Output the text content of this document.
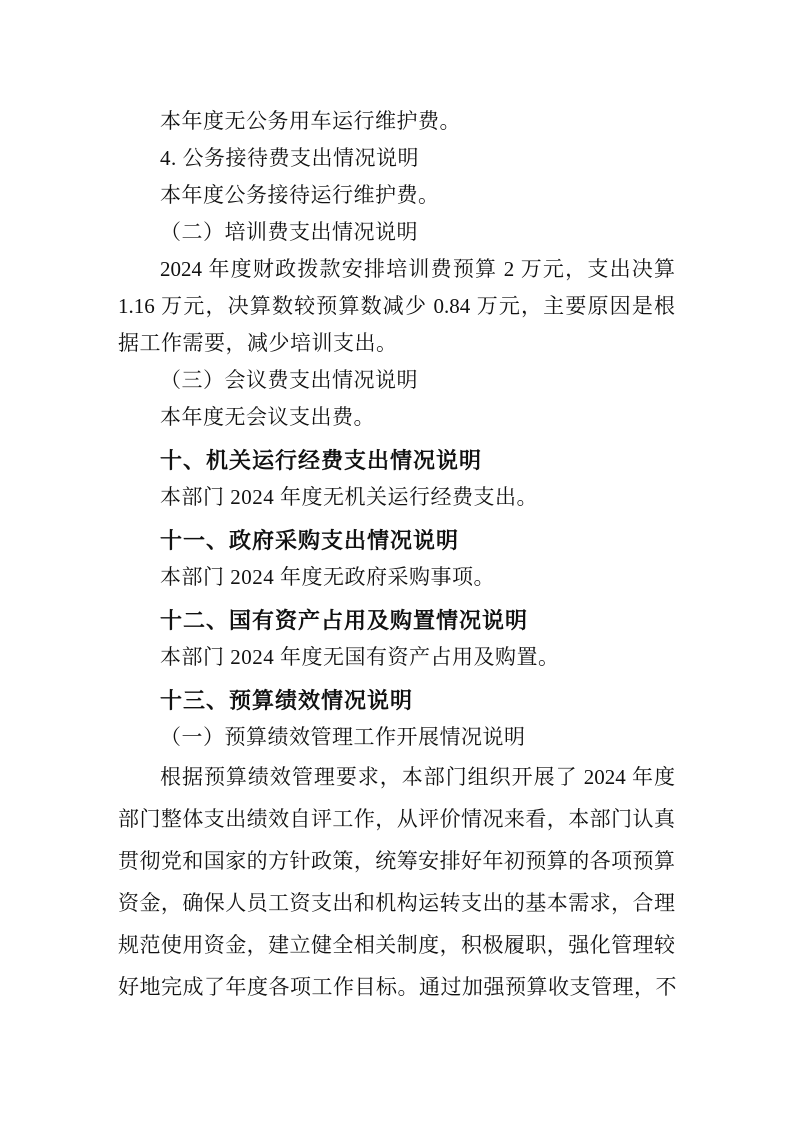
本年度无公务用车运行维护费。
4. 公务接待费支出情况说明
本年度公务接待运行维护费。
（二）培训费支出情况说明
2024 年度财政拨款安排培训费预算 2 万元，支出决算
1.16 万元，决算数较预算数减少 0.84 万元，主要原因是根
据工作需要，减少培训支出。
（三）会议费支出情况说明
本年度无会议支出费。
十、机关运行经费支出情况说明
本部门 2024 年度无机关运行经费支出。
十一、政府采购支出情况说明
本部门 2024 年度无政府采购事项。
十二、国有资产占用及购置情况说明
本部门 2024 年度无国有资产占用及购置。
十三、预算绩效情况说明
（一）预算绩效管理工作开展情况说明
根据预算绩效管理要求，本部门组织开展了 2024 年度
部门整体支出绩效自评工作，从评价情况来看，本部门认真
贯彻党和国家的方针政策，统筹安排好年初预算的各项预算
资金，确保人员工资支出和机构运转支出的基本需求，合理
规范使用资金，建立健全相关制度，积极履职，强化管理较
好地完成了年度各项工作目标。通过加强预算收支管理，不
